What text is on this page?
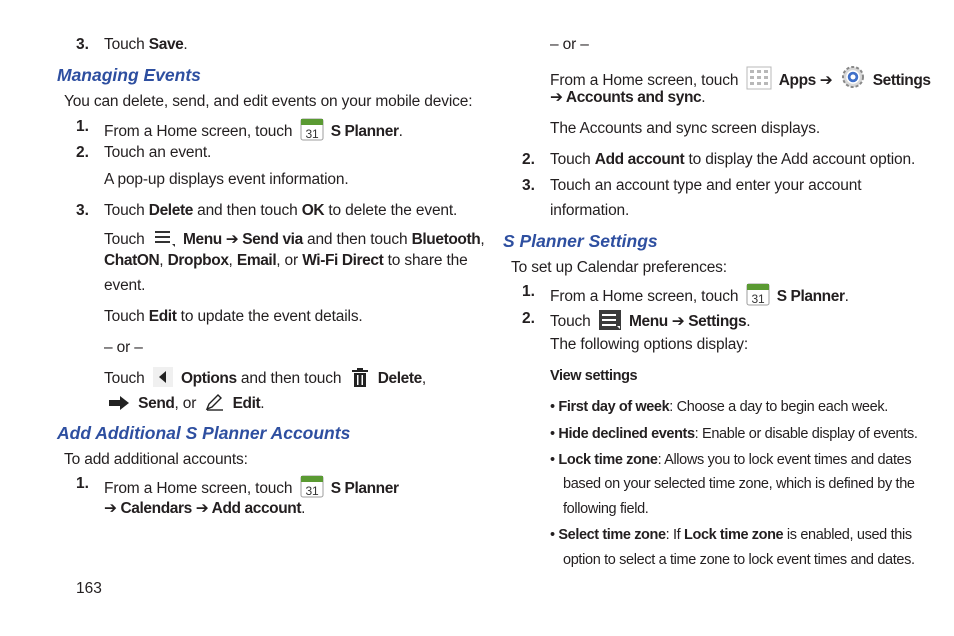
3. Touch Save.
Managing Events
You can delete, send, and edit events on your mobile device:
1. From a Home screen, touch 31 S Planner.
2. Touch an event.
A pop-up displays event information.
3. Touch Delete and then touch OK to delete the event.
Touch Menu ➔ Send via and then touch Bluetooth,
ChatON, Dropbox, Email, or Wi-Fi Direct to share the
event.
Touch Edit to update the event details.
– or –
Touch Options and then touch Delete,
Send, or Edit.
Add Additional S Planner Accounts
To add additional accounts:
1. From a Home screen, touch 31 S Planner
➔ Calendars ➔ Add account.
– or –
From a Home screen, touch	Apps ➔	Settings
➔ Accounts and sync.
The Accounts and sync screen displays.
2. Touch Add account to display the Add account option.
3. Touch an account type and enter your account
information.
S Planner Settings
To set up Calendar preferences:
1. From a Home screen, touch 31 S Planner.
2. Touch Menu ➔ Settings.
The following options display:
View settings
• First day of week: Choose a day to begin each week.
• Hide declined events: Enable or disable display of events.
• Lock time zone: Allows you to lock event times and dates
based on your selected time zone, which is defined by the
following field.
• Select time zone: If Lock time zone is enabled, used this
option to select a time zone to lock event times and dates.
163
